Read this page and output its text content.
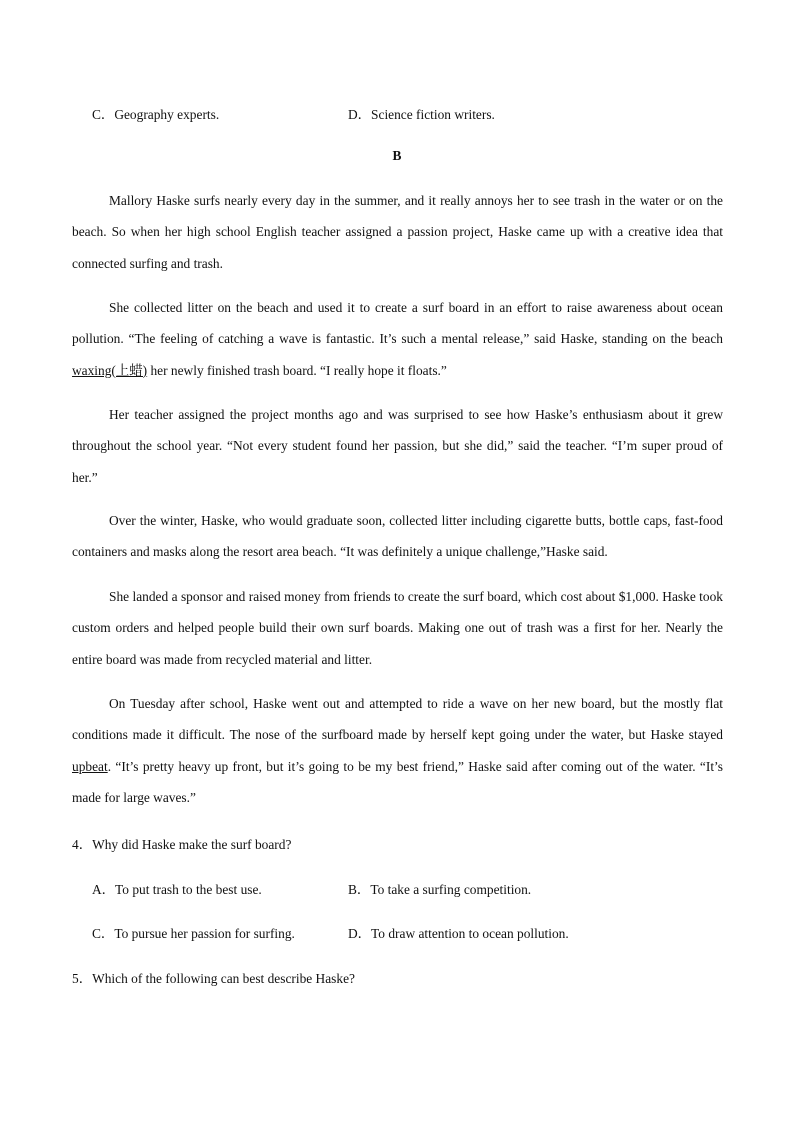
C．Geography experts.	D．Science fiction writers.
B
Mallory Haske surfs nearly every day in the summer, and it really annoys her to see trash in the water or on the beach. So when her high school English teacher assigned a passion project, Haske came up with a creative idea that connected surfing and trash.
She collected litter on the beach and used it to create a surf board in an effort to raise awareness about ocean pollution. “The feeling of catching a wave is fantastic. It’s such a mental release,” said Haske, standing on the beach waxing(上蜡) her newly finished trash board. “I really hope it floats.”
Her teacher assigned the project months ago and was surprised to see how Haske’s enthusiasm about it grew throughout the school year. “Not every student found her passion, but she did,” said the teacher. “I’m super proud of her.”
Over the winter, Haske, who would graduate soon, collected litter including cigarette butts, bottle caps, fast-food containers and masks along the resort area beach. “It was definitely a unique challenge,”Haske said.
She landed a sponsor and raised money from friends to create the surf board, which cost about $1,000. Haske took custom orders and helped people build their own surf boards. Making one out of trash was a first for her. Nearly the entire board was made from recycled material and litter.
On Tuesday after school, Haske went out and attempted to ride a wave on her new board, but the mostly flat conditions made it difficult. The nose of the surfboard made by herself kept going under the water, but Haske stayed upbeat. “It’s pretty heavy up front, but it’s going to be my best friend,” Haske said after coming out of the water. “It’s made for large waves.”
4．Why did Haske make the surf board?
A．To put trash to the best use.	B．To take a surfing competition.
C．To pursue her passion for surfing.	D．To draw attention to ocean pollution.
5．Which of the following can best describe Haske?
